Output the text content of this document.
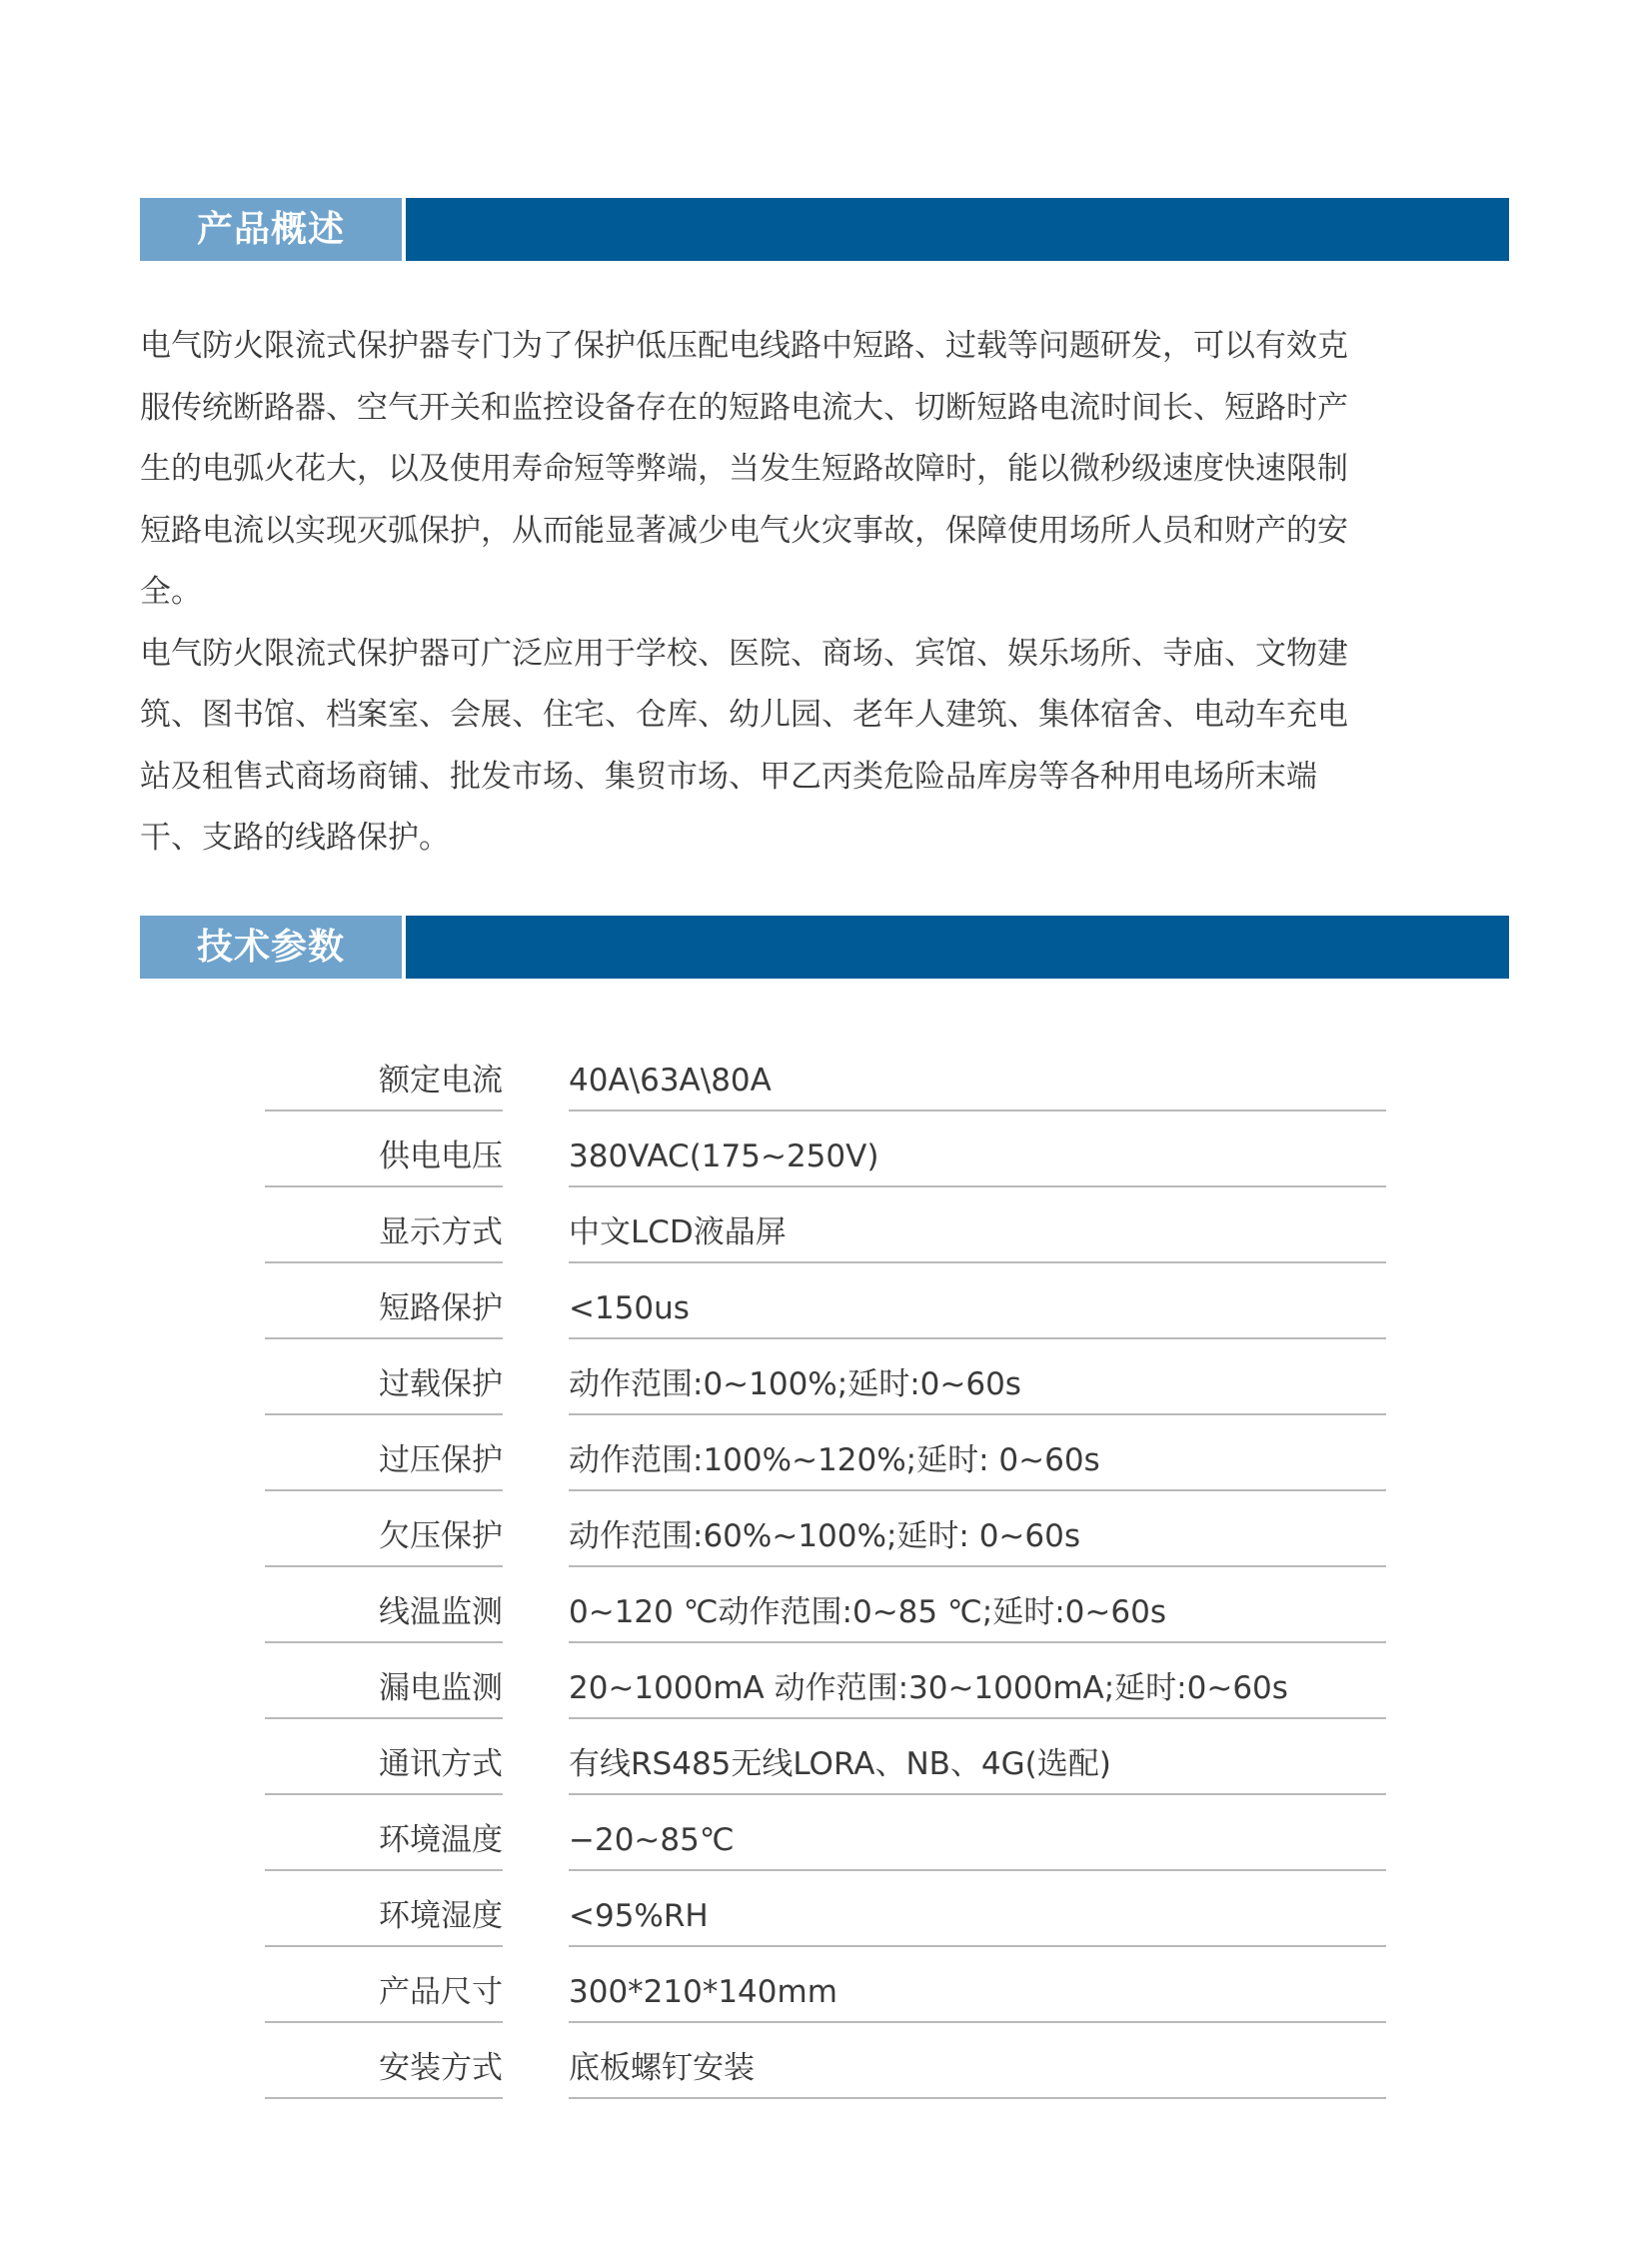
产品概述

电气防火限流式保护器专门为了保护低压配电线路中短路、过载等问题研发，可以有效克

服传统断路器、空气开关和监控设备存在的短路电流大、切断短路电流时间长、短路时产

生的电弧火花大，以及使用寿命短等弊端，当发生短路故障时，能以微秒级速度快速限制

短路电流以实现灭弧保护，从而能显著减少电气火灾事故，保障使用场所人员和财产的安

全。

电气防火限流式保护器可广泛应用于学校、医院、商场、宾馆、娱乐场所、寺庙、文物建

筑、图书馆、档案室、会展、住宅、仓库、幼儿园、老年人建筑、集体宿舍、电动车充电

站及租售式商场商铺、批发市场、集贸市场、甲乙丙类危险品库房等各种用电场所末端

干、支路的线路保护。

技术参数
额定电流 40A\63A\80A
供电电压 380VAC(175~250V)
显示方式 中文LCD液晶屏
短路保护 <150us
过载保护 动作范围:0~100%;延时:0~60s
过压保护 动作范围:100%~120%;延时: 0~60s
欠压保护 动作范围:60%~100%;延时: 0~60s
线温监测 0~120 ℃动作范围:0~85 ℃;延时:0~60s
漏电监测 20~1000mA 动作范围:30~1000mA;延时:0~60s
通讯方式 有线RS485无线LORA、NB、4G(选配)
环境温度 −20~85℃
环境湿度 <95%RH
产品尺寸 300*210*140mm
安装方式 底板螺钉安装
